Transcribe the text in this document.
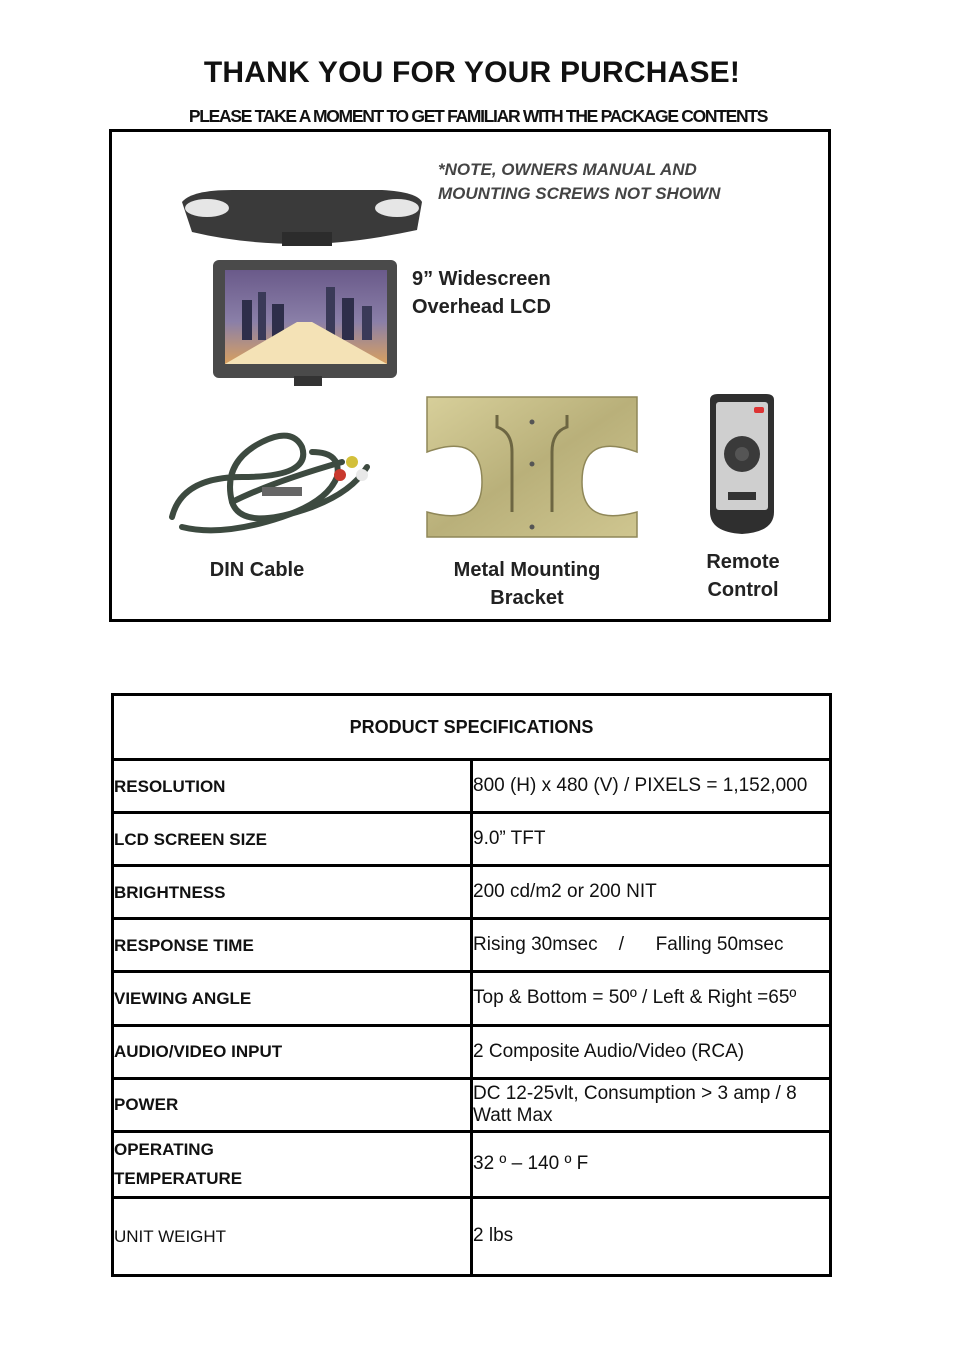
THANK YOU FOR YOUR PURCHASE!
PLEASE TAKE A MOMENT TO GET FAMILIAR WITH THE PACKAGE CONTENTS
*NOTE, OWNERS MANUAL AND MOUNTING SCREWS NOT SHOWN
9” Widescreen
Overhead LCD
DIN Cable	Metal Mounting
Bracket
Remote
Control
PRODUCT SPECIFICATIONS	
RESOLUTION	800 (H) x 480 (V) / PIXELS = 1,152,000
LCD SCREEN SIZE	9.0” TFT
BRIGHTNESS	200 cd/m2 or 200 NIT
RESPONSE TIME	Rising 30msec    /      Falling 50msec
VIEWING ANGLE	Top & Bottom = 50º / Left & Right =65º
AUDIO/VIDEO INPUT	2 Composite Audio/Video (RCA)
POWER	DC 12-25vlt, Consumption > 3 amp / 8 Watt Max

OPERATING
TEMPERATURE	32 º – 140 º F
UNIT WEIGHT	2 lbs
